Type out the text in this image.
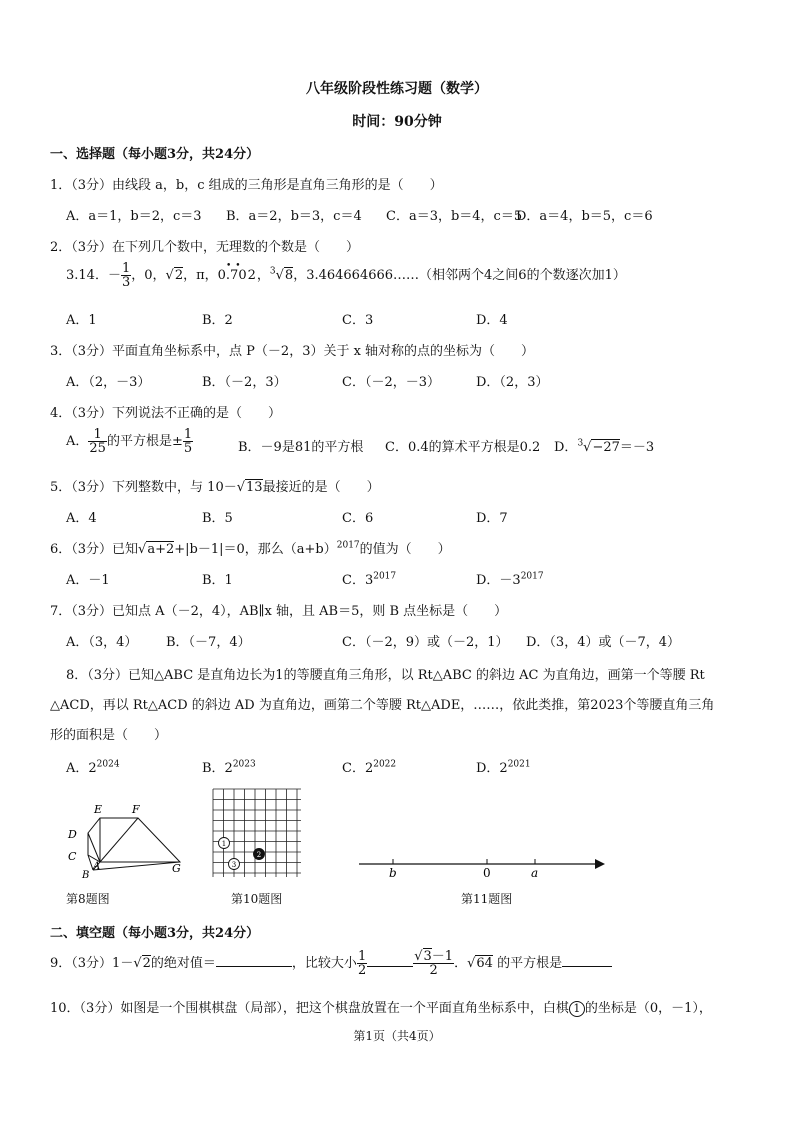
八年级阶段性练习题（数学）
时间：90分钟
一、选择题（每小题3分，共24分）
1．（3分）由线段 a，b，c 组成的三角形是直角三角形的是（　　）
A．a＝1，b＝2，c＝3 B．a＝2，b＝3，c＝4 C．a＝3，b＝4，c＝5
D．a＝4，b＝5，c＝6
2．（3分）在下列几个数中，无理数的个数是（　　）
3.14．－ $\frac{1}{3}$ ，0，√2，π，0.702，$^3$√8，3.464664666……（相邻两个4之间6的个数逐次加1）
••
A．1	B．2	C．3	D．4
3．（3分）平面直角坐标系中，点 P（－2，3）关于 x 轴对称的点的坐标为（　　）
A．（2，－3）	B．（－2，3）	C．（－2，－3）	D．（2，3）
4．（3分）下列说法不正确的是（　　）
A． $\frac{1}{25}$ 的平方根是± $\frac{1}{5}$	B．－9是81的平方根 C．0.4的算术平方根是0.2 D．$^3$√−27＝－3
5．（3分）下列整数中，与 10－√13最接近的是（　　）
A．4	B．5	C．6	D．7
6．（3分）已知√a+2+|b－1|＝0，那么$(a+b)^{2017}$的值为（　　）
A．－1	B．1	C．$3^{2017}$	D．$-3^{2017}$
7．（3分）已知点 A（－2，4），AB∥x 轴，且 AB＝5，则 B 点坐标是（　　）
A．（3，4） B．（－7，4）	C．（－2，9）或（－2，1） D．（3，4）或（－7，4）
8．（3分）已知△ABC 是直角边长为1的等腰直角三角形，以 Rt△ABC 的斜边 AC 为直角边，画第一个等腰 Rt
△ACD，再以 Rt△ACD 的斜边 AD 为直角边，画第二个等腰 Rt△ADE，……，依此类推，第2023个等腰直角三角
形的面积是（　　）
A．$2^{2024}$	B．$2^{2023}$	C．$2^{2022}$	D．$2^{2021}$
E	F
D
C
A
B
G
第8题图
1
3
2
第10题图
b	0	a
第11题图
二、填空题（每小题3分，共24分）
9．（3分）1－√2的绝对值＝	，比较大小 $\frac{1}{2}$	$\frac{√3-1}{2}$ ．√64 的平方根是
10．（3分）如图是一个围棋棋盘（局部），把这个棋盘放置在一个平面直角坐标系中，白棋 1 的坐标是（0，－1），
第1页（共4页）
